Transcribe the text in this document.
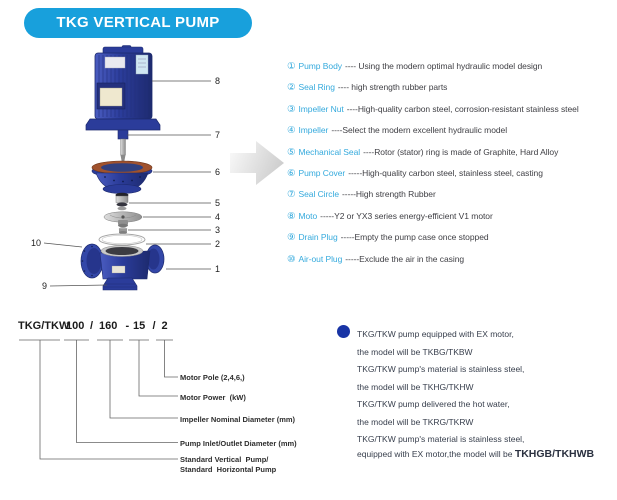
TKG VERTICAL PUMP
8
7
6
5
4
3
2
1
10
9
① Pump Body ---- Using the modern optimal hydraulic model design
② Seal Ring ---- high strength rubber parts
③ Impeller Nut ----High-quality carbon steel, corrosion-resistant stainless steel
④ Impeller ----Select the modern excellent hydraulic model
⑤ Mechanical Seal ----Rotor (stator) ring is made of Graphite, Hard Alloy
⑥ Pump Cover -----High-quality carbon steel, stainless steel, casting
⑦ Seal Circle -----High strength Rubber
⑧ Moto -----Y2 or YX3 series energy-efficient V1 motor
⑨ Drain Plug -----Empty the pump case once stopped
⑩ Air-out Plug -----Exclude the air in the casing
TKG/TKW
100 / 160 - 15 / 2
Motor Pole (2,4,6,)
Motor Power  (kW)
Impeller Nominal Diameter (mm)
Pump Inlet/Outlet Diameter (mm)
Standard Vertical  Pump/
Standard  Horizontal Pump
TKG/TKW pump equipped with EX motor,
the model will be TKBG/TKBW
TKG/TKW pump's material is stainless steel,
the model will be TKHG/TKHW
TKG/TKW pump delivered the hot water,
the model will be TKRG/TKRW
TKG/TKW pump's material is stainless steel,
equipped with EX motor,the model will be TKHGB/TKHWB
